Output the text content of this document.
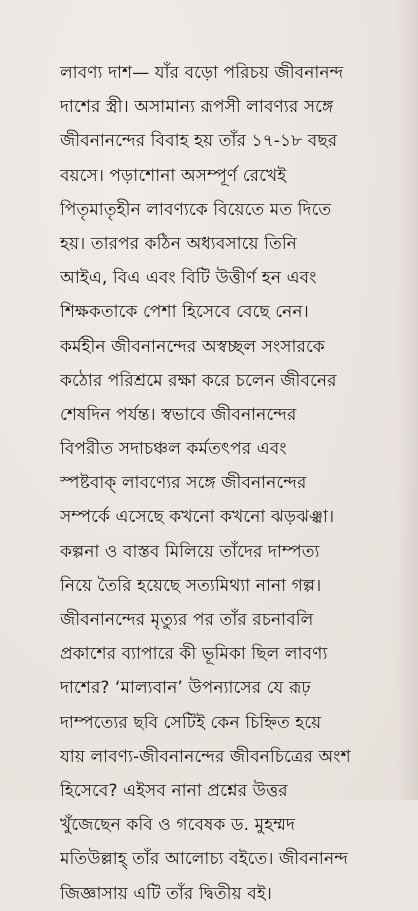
লাবণ্য দাশ— যাঁর বড়ো পরিচয় জীবনানন্দ
দাশের স্ত্রী। অসামান্য রূপসী লাবণ্যর সঙ্গে
জীবনানন্দের বিবাহ হয় তাঁর ১৭-১৮ বছর
বয়সে। পড়াশোনা অসম্পূর্ণ রেখেই
পিতৃমাতৃহীন লাবণ্যকে বিয়েতে মত দিতে
হয়। তারপর কঠিন অধ্যবসায়ে তিনি
আইএ, বিএ এবং বিটি উত্তীর্ণ হন এবং
শিক্ষকতাকে পেশা হিসেবে বেছে নেন।
কর্মহীন জীবনানন্দের অস্বচ্ছল সংসারকে
কঠোর পরিশ্রমে রক্ষা করে চলেন জীবনের
শেষদিন পর্যন্ত। স্বভাবে জীবনানন্দের
বিপরীত সদাচঞ্চল কর্মতৎপর এবং
স্পষ্টবাক্‌ লাবণ্যের সঙ্গে জীবনানন্দের
সম্পর্কে এসেছে কখনো কখনো ঝড়ঝঞ্ঝা।
কল্পনা ও বাস্তব মিলিয়ে তাঁদের দাম্পত্য
নিয়ে তৈরি হয়েছে সত্যমিথ্যা নানা গল্প।
জীবনানন্দের মৃত্যুর পর তাঁর রচনাবলি
প্রকাশের ব্যাপারে কী ভূমিকা ছিল লাবণ্য
দাশের? ‘মাল্যবান’ উপন্যাসের যে রূঢ়
দাম্পত্যের ছবি সেটিই কেন চিহ্নিত হয়ে
যায় লাবণ্য-জীবনানন্দের জীবনচিত্রের অংশ
হিসেবে? এইসব নানা প্রশ্নের উত্তর
খুঁজেছেন কবি ও গবেষক ড. মুহম্মদ
মতিউল্লাহ্‌ তাঁর আলোচ্য বইতে। জীবনানন্দ
জিজ্ঞাসায় এটি তাঁর দ্বিতীয় বই।
